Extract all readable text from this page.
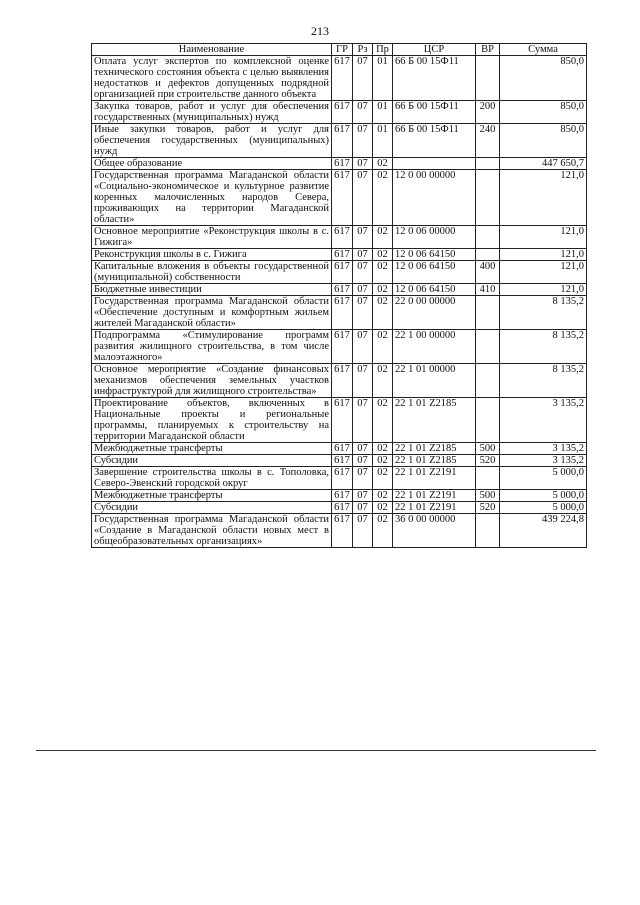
213
Наименование	ГР	Рз	Пр	ЦСР	ВР	Сумма
Оплата услуг экспертов по комплексной оценке технического состояния объекта с целью выявления недостатков и дефектов допущенных подрядной организацией при строительстве данного объекта	617	07	01	66 Б 00 15Ф11		850,0
Закупка товаров, работ и услуг для обеспечения государственных (муниципальных) нужд	617	07	01	66 Б 00 15Ф11	200	850,0
Иные закупки товаров, работ и услуг для обеспечения государственных (муниципальных) нужд	617	07	01	66 Б 00 15Ф11	240	850,0
Общее образование	617	07	02			447 650,7
Государственная программа Магаданской области «Социально-экономическое и культурное развитие коренных малочисленных народов Севера, проживающих на территории Магаданской области»	617	07	02	12 0 00 00000		121,0
Основное мероприятие «Реконструкция школы в с. Гижига»	617	07	02	12 0 06 00000		121,0
Реконструкция школы в с. Гижига	617	07	02	12 0 06 64150		121,0
Капитальные вложения в объекты государственной (муниципальной) собственности	617	07	02	12 0 06 64150	400	121,0
Бюджетные инвестиции	617	07	02	12 0 06 64150	410	121,0
Государственная программа Магаданской области «Обеспечение доступным и комфортным жильем жителей Магаданской области»	617	07	02	22 0 00 00000		8 135,2
Подпрограмма «Стимулирование программ развития жилищного строительства, в том числе малоэтажного»	617	07	02	22 1 00 00000		8 135,2
Основное мероприятие «Создание финансовых механизмов обеспечения земельных участков инфраструктурой для жилищного строительства»	617	07	02	22 1 01 00000		8 135,2
Проектирование объектов, включенных в Национальные проекты и региональные программы, планируемых к строительству на территории Магаданской области	617	07	02	22 1 01 Z2185		3 135,2
Межбюджетные трансферты	617	07	02	22 1 01 Z2185	500	3 135,2
Субсидии	617	07	02	22 1 01 Z2185	520	3 135,2
Завершение строительства школы в с. Тополовка, Северо-Эвенский городской округ	617	07	02	22 1 01 Z2191		5 000,0
Межбюджетные трансферты	617	07	02	22 1 01 Z2191	500	5 000,0
Субсидии	617	07	02	22 1 01 Z2191	520	5 000,0
Государственная программа Магаданской области «Создание в Магаданской области новых мест в общеобразовательных организациях»	617	07	02	36 0 00 00000		439 224,8
